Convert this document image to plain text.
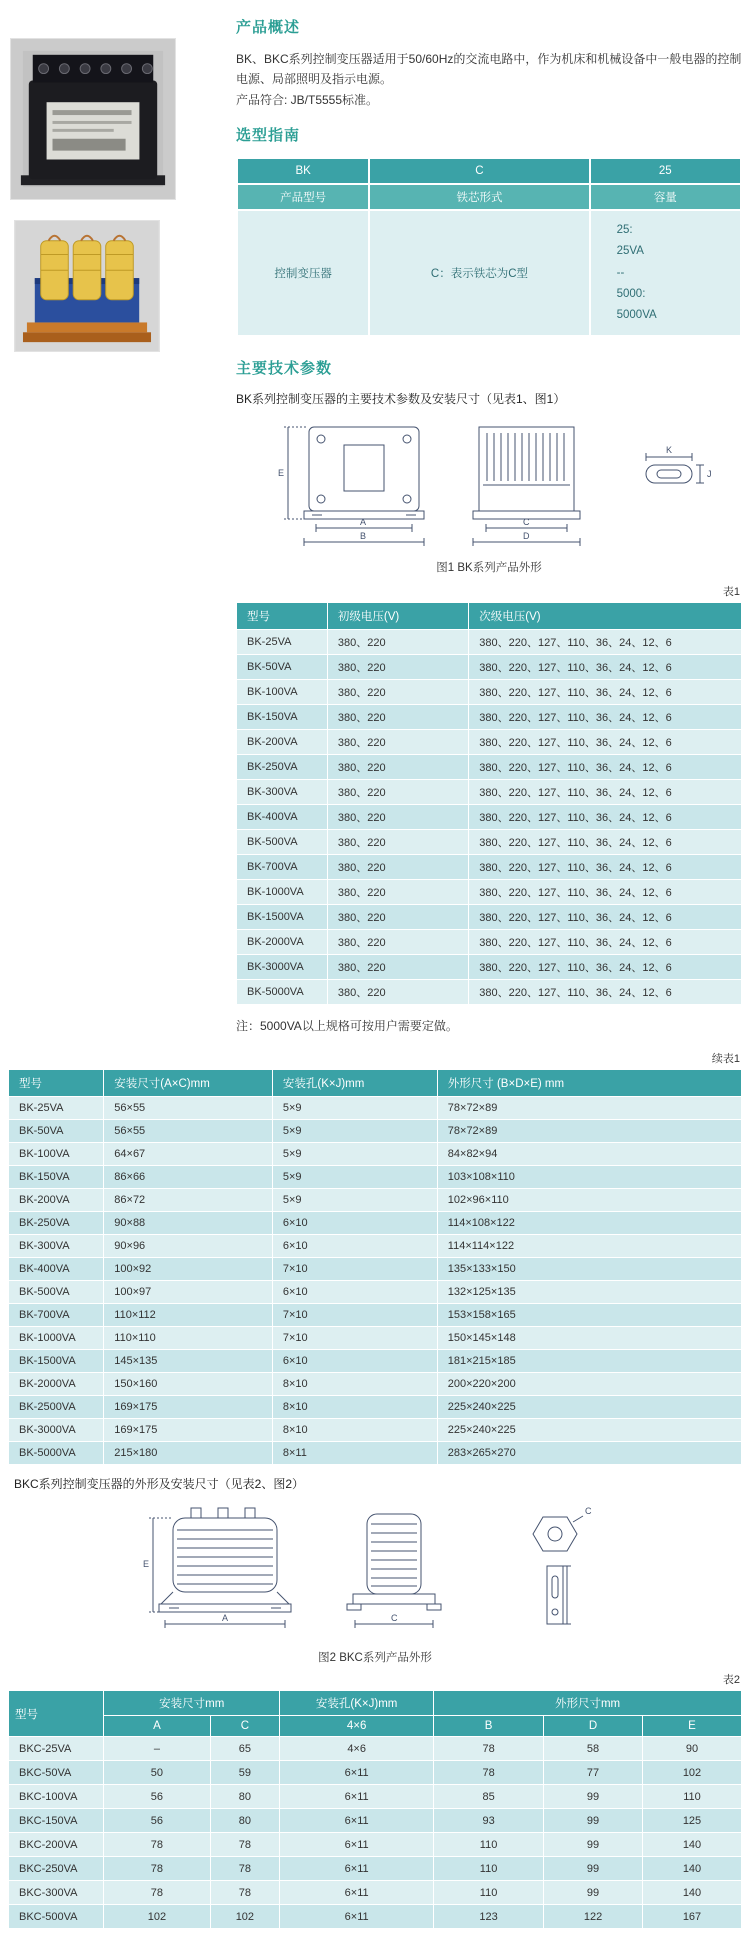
产品概述

BK、BKC系列控制变压器适用于50/60Hz的交流电路中，作为机床和机械设备中一般电器的控制电源、局部照明及指示电源。
产品符合: JB/T5555标准。

选型指南
BK	C	25
产品型号	铁芯形式	容量
控制变压器	C：表示铁芯为C型	25:
25VA
--
5000:
5000VA
主要技术参数

BK系列控制变压器的主要技术参数及安装尺寸（见表1、图1）

E
A
B
C
D
K
J
图1 BK系列产品外形
表1
型号	初级电压(V)	次级电压(V)
BK-25VA	380、220	380、220、127、110、36、24、12、6
BK-50VA	380、220	380、220、127、110、36、24、12、6
BK-100VA	380、220	380、220、127、110、36、24、12、6
BK-150VA	380、220	380、220、127、110、36、24、12、6
BK-200VA	380、220	380、220、127、110、36、24、12、6
BK-250VA	380、220	380、220、127、110、36、24、12、6
BK-300VA	380、220	380、220、127、110、36、24、12、6
BK-400VA	380、220	380、220、127、110、36、24、12、6
BK-500VA	380、220	380、220、127、110、36、24、12、6
BK-700VA	380、220	380、220、127、110、36、24、12、6
BK-1000VA	380、220	380、220、127、110、36、24、12、6
BK-1500VA	380、220	380、220、127、110、36、24、12、6
BK-2000VA	380、220	380、220、127、110、36、24、12、6
BK-3000VA	380、220	380、220、127、110、36、24、12、6
BK-5000VA	380、220	380、220、127、110、36、24、12、6

注：5000VA以上规格可按用户需要定做。

续表1
型号	安装尺寸(A×C)mm	安装孔(K×J)mm	外形尺寸 (B×D×E) mm
BK-25VA	56×55	5×9	78×72×89
BK-50VA	56×55	5×9	78×72×89
BK-100VA	64×67	5×9	84×82×94
BK-150VA	86×66	5×9	103×108×110
BK-200VA	86×72	5×9	102×96×110
BK-250VA	90×88	6×10	114×108×122
BK-300VA	90×96	6×10	114×114×122
BK-400VA	100×92	7×10	135×133×150
BK-500VA	100×97	6×10	132×125×135
BK-700VA	110×112	7×10	153×158×165
BK-1000VA	110×110	7×10	150×145×148
BK-1500VA	145×135	6×10	181×215×185
BK-2000VA	150×160	8×10	200×220×200
BK-2500VA	169×175	8×10	225×240×225
BK-3000VA	169×175	8×10	225×240×225
BK-5000VA	215×180	8×11	283×265×270

BKC系列控制变压器的外形及安装尺寸（见表2、图2）

E
A	C
C
图2 BKC系列产品外形
表2
型号	安装尺寸mm		安装孔(K×J)mm	外形尺寸mm		
	A	C	4×6	B	D	E
BKC-25VA	–	65	4×6	78	58	90
BKC-50VA	50	59	6×11	78	77	102
BKC-100VA	56	80	6×11	85	99	110
BKC-150VA	56	80	6×11	93	99	125
BKC-200VA	78	78	6×11	110	99	140
BKC-250VA	78	78	6×11	110	99	140
BKC-300VA	78	78	6×11	110	99	140
BKC-500VA	102	102	6×11	123	122	167
